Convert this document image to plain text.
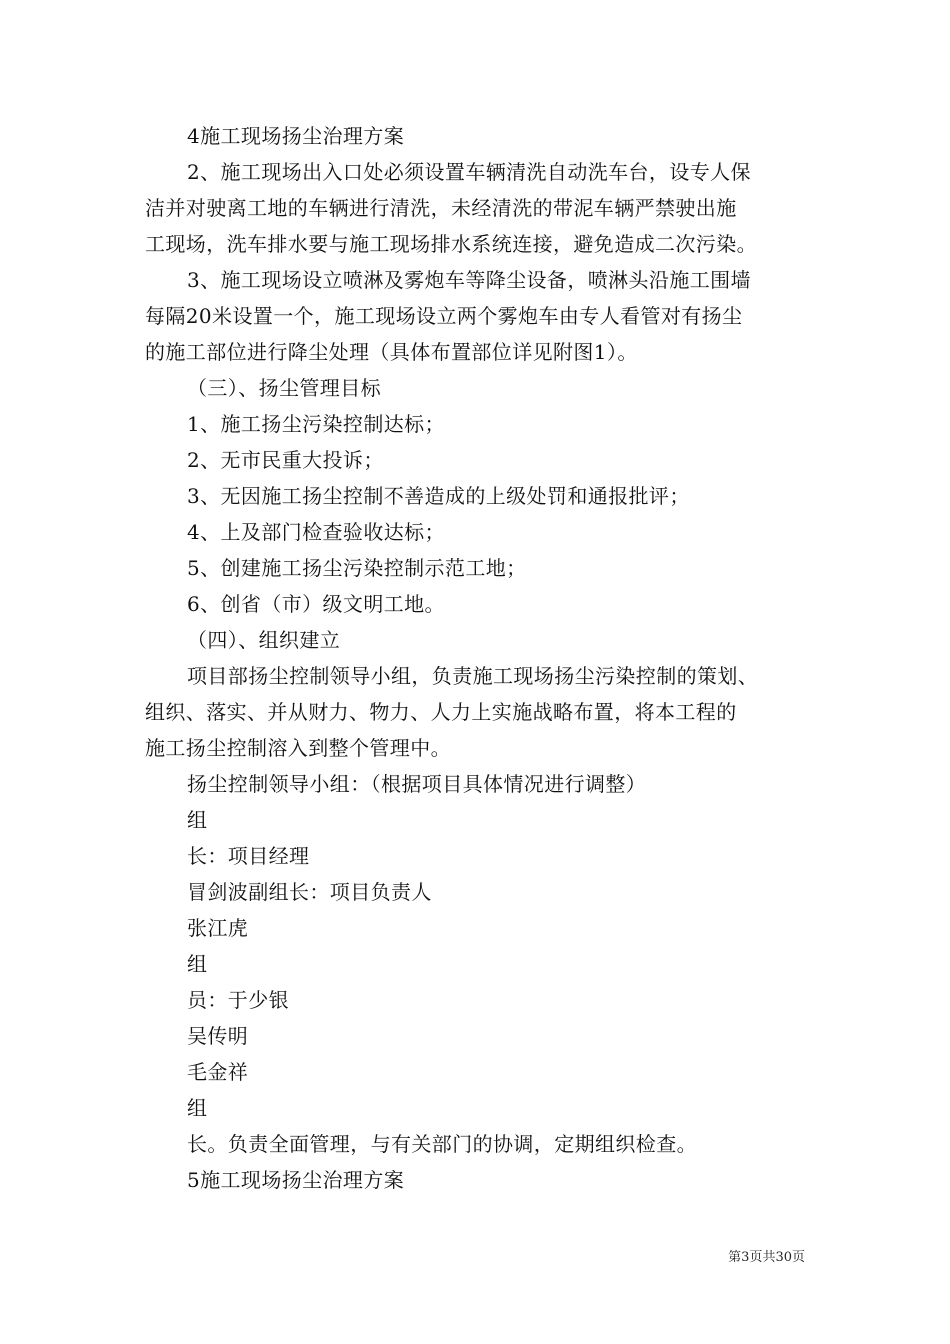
4施工现场扬尘治理方案
2、施工现场出入口处必须设置车辆清洗自动洗车台，设专人保
洁并对驶离工地的车辆进行清洗，未经清洗的带泥车辆严禁驶出施
工现场，洗车排水要与施工现场排水系统连接，避免造成二次污染。
3、施工现场设立喷淋及雾炮车等降尘设备，喷淋头沿施工围墙
每隔20米设置一个，施工现场设立两个雾炮车由专人看管对有扬尘
的施工部位进行降尘处理（具体布置部位详见附图1）。
（三）、扬尘管理目标
1、施工扬尘污染控制达标；
2、无市民重大投诉；
3、无因施工扬尘控制不善造成的上级处罚和通报批评；
4、上及部门检查验收达标；
5、创建施工扬尘污染控制示范工地；
6、创省（市）级文明工地。
（四）、组织建立
项目部扬尘控制领导小组，负责施工现场扬尘污染控制的策划、
组织、落实、并从财力、物力、人力上实施战略布置，将本工程的
施工扬尘控制溶入到整个管理中。
扬尘控制领导小组：（根据项目具体情况进行调整）
组
长：项目经理
冒剑波副组长：项目负责人
张江虎
组
员：于少银
吴传明
毛金祥
组
长。负责全面管理，与有关部门的协调，定期组织检查。
5施工现场扬尘治理方案
第3页共30页
